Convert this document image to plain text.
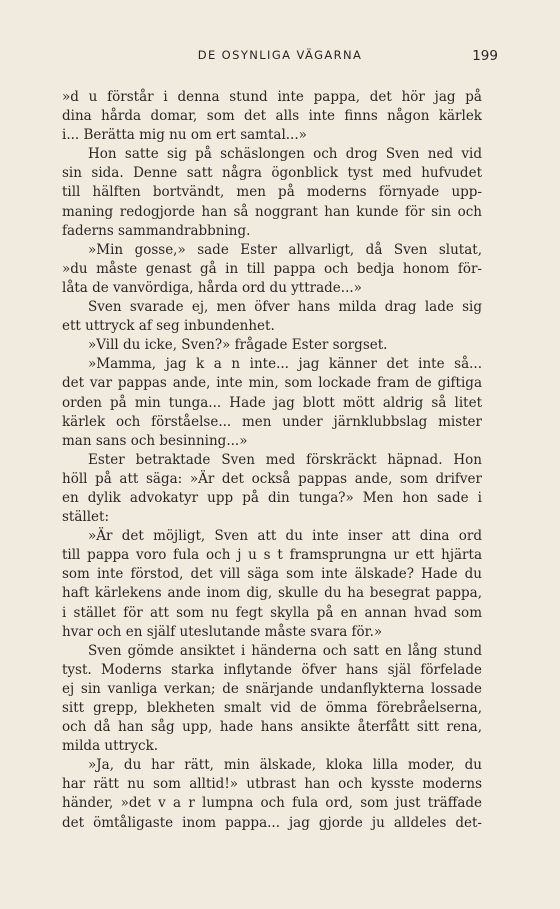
DE OSYNLIGA VÄGARNA	199
»d u förstår i denna stund inte pappa, det hör jag på
dina hårda domar, som det alls inte finns någon kärlek
i... Berätta mig nu om ert samtal...»
Hon satte sig på schäslongen och drog Sven ned vid
sin sida. Denne satt några ögonblick tyst med hufvudet
till hälften bortvändt, men på moderns förnyade upp-
maning redogjorde han så noggrant han kunde för sin och
faderns sammandrabbning.
»Min gosse,» sade Ester allvarligt, då Sven slutat,
»du måste genast gå in till pappa och bedja honom för-
låta de vanvördiga, hårda ord du yttrade...»
Sven svarade ej, men öfver hans milda drag lade sig
ett uttryck af seg inbundenhet.
»Vill du icke, Sven?» frågade Ester sorgset.
»Mamma, jag k a n inte... jag känner det inte så...
det var pappas ande, inte min, som lockade fram de giftiga
orden på min tunga... Hade jag blott mött aldrig så litet
kärlek och förståelse... men under järnklubbslag mister
man sans och besinning...»
Ester betraktade Sven med förskräckt häpnad. Hon
höll på att säga: »Är det också pappas ande, som drifver
en dylik advokatyr upp på din tunga?» Men hon sade i
stället:
»Är det möjligt, Sven att du inte inser att dina ord
till pappa voro fula och j u s t framsprungna ur ett hjärta
som inte förstod, det vill säga som inte älskade? Hade du
haft kärlekens ande inom dig, skulle du ha besegrat pappa,
i stället för att som nu fegt skylla på en annan hvad som
hvar och en själf uteslutande måste svara för.»
Sven gömde ansiktet i händerna och satt en lång stund
tyst. Moderns starka inflytande öfver hans själ förfelade
ej sin vanliga verkan; de snärjande undanflykterna lossade
sitt grepp, blekheten smalt vid de ömma förebråelserna,
och då han såg upp, hade hans ansikte återfått sitt rena,
milda uttryck.
»Ja, du har rätt, min älskade, kloka lilla moder, du
har rätt nu som alltid!» utbrast han och kysste moderns
händer, »det v a r lumpna och fula ord, som just träffade
det ömtåligaste inom pappa... jag gjorde ju alldeles det-
